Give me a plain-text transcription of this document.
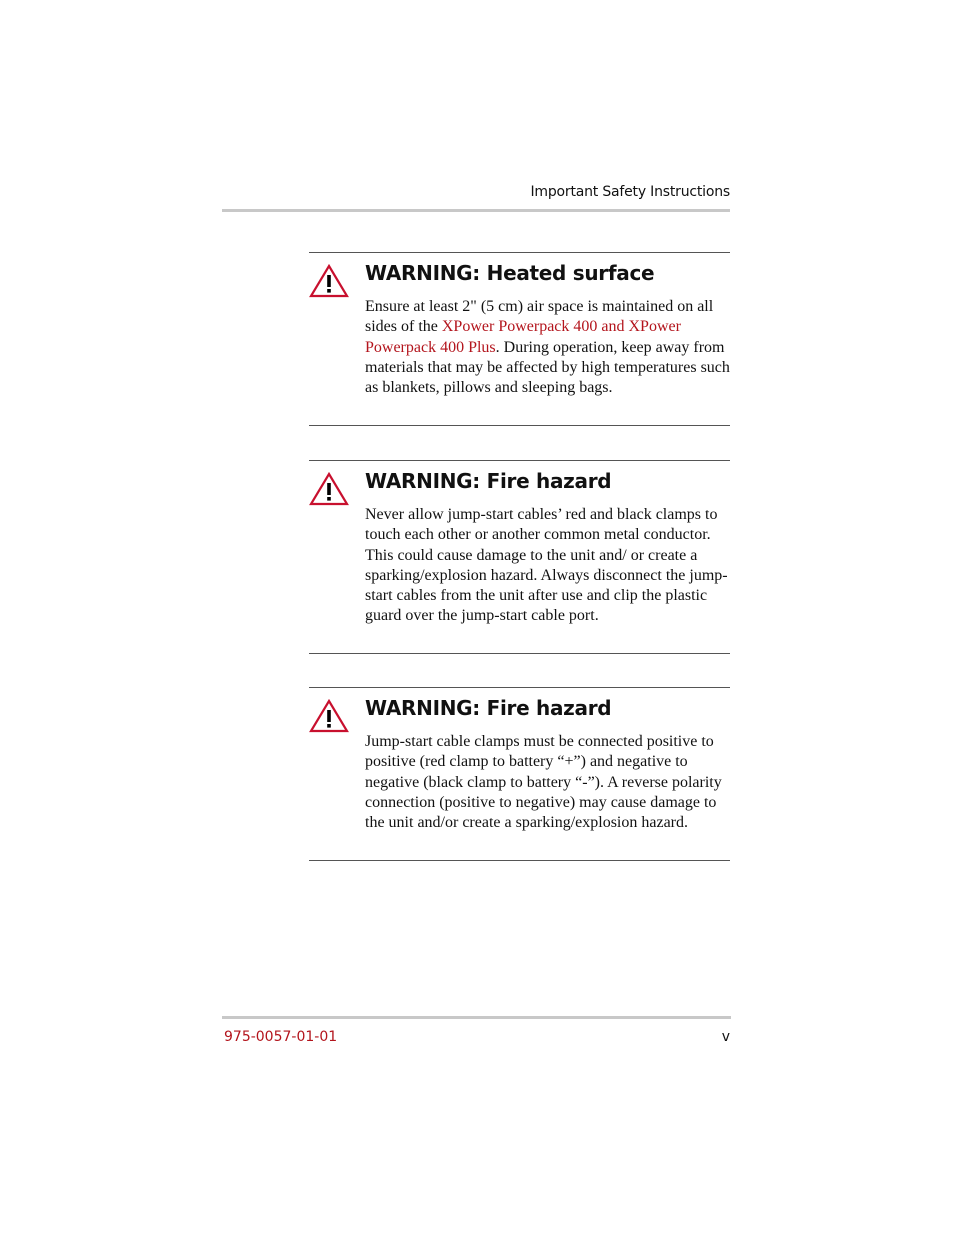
Important Safety Instructions
WARNING: Heated surface
Ensure at least 2" (5 cm) air space is maintained on all sides of the XPower Powerpack 400 and XPower Powerpack 400 Plus. During operation, keep away from materials that may be affected by high temperatures such as blankets, pillows and sleeping bags.
WARNING: Fire hazard
Never allow jump-start cables’ red and black clamps to touch each other or another common metal conductor. This could cause damage to the unit and/ or create a sparking/explosion hazard. Always disconnect the jump-start cables from the unit after use and clip the plastic guard over the jump-start cable port.
WARNING: Fire hazard
Jump-start cable clamps must be connected positive to positive (red clamp to battery “+”) and negative to negative (black clamp to battery “-”). A reverse polarity connection (positive to negative) may cause damage to the unit and/or create a sparking/explosion hazard.
975-0057-01-01	v
